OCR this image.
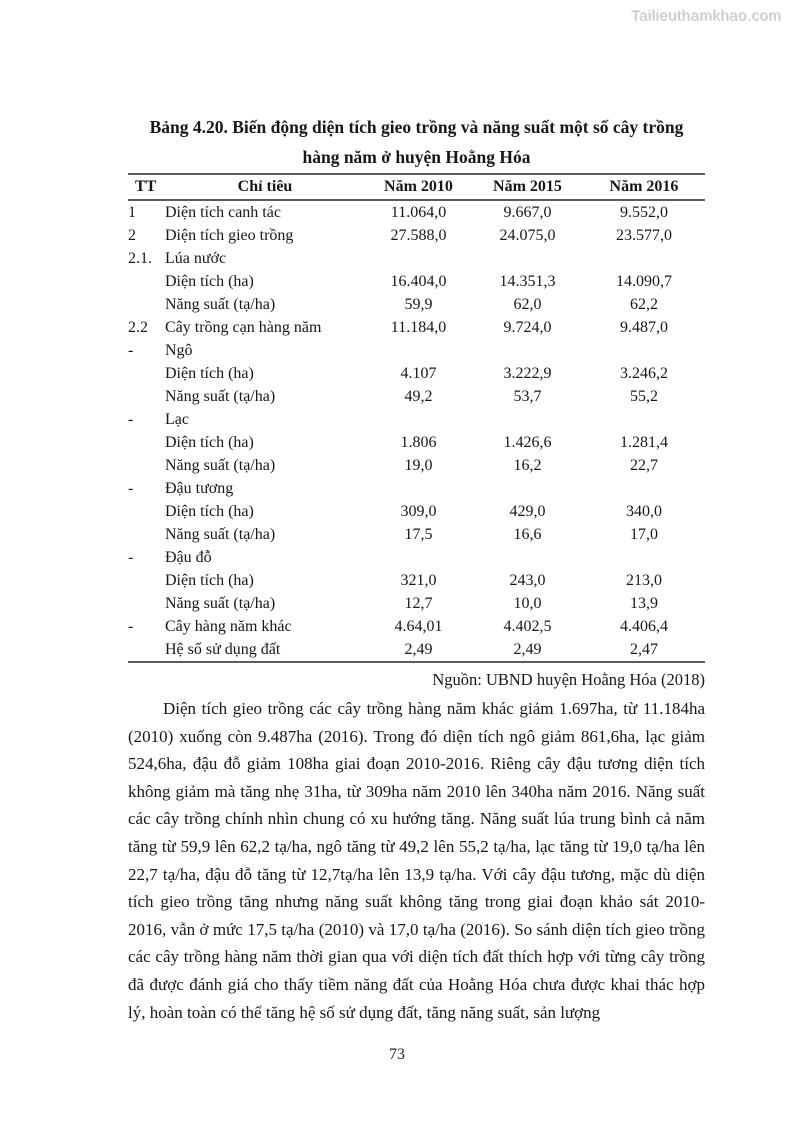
Tailieuthamkhao.com
Bảng 4.20. Biến động diện tích gieo trồng và năng suất một số cây trồng
hàng năm ở huyện Hoằng Hóa
TT	Chỉ tiêu	Năm 2010	Năm 2015	Năm 2016
1	Diện tích canh tác	11.064,0	9.667,0	9.552,0
2	Diện tích gieo trồng	27.588,0	24.075,0	23.577,0
2.1.	Lúa nước			
	Diện tích (ha)	16.404,0	14.351,3	14.090,7
	Năng suất (tạ/ha)	59,9	62,0	62,2
2.2	Cây trồng cạn hàng năm	11.184,0	9.724,0	9.487,0
-	Ngô			
	Diện tích (ha)	4.107	3.222,9	3.246,2
	Năng suất (tạ/ha)	49,2	53,7	55,2
-	Lạc			
	Diện tích (ha)	1.806	1.426,6	1.281,4
	Năng suất (tạ/ha)	19,0	16,2	22,7
-	Đậu tương			
	Diện tích (ha)	309,0	429,0	340,0
	Năng suất (tạ/ha)	17,5	16,6	17,0
-	Đậu đỗ			
	Diện tích (ha)	321,0	243,0	213,0
	Năng suất (tạ/ha)	12,7	10,0	13,9
-	Cây hàng năm khác	4.64,01	4.402,5	4.406,4
	Hệ số sử dụng đất	2,49	2,49	2,47
Nguồn: UBND huyện Hoằng Hóa (2018)

Diện tích gieo trồng các cây trồng hàng năm khác giảm 1.697ha, từ 11.184ha (2010) xuống còn 9.487ha (2016). Trong đó diện tích ngô giảm 861,6ha, lạc giảm 524,6ha, đậu đỗ giảm 108ha giai đoạn 2010-2016. Riêng cây đậu tương diện tích không giảm mà tăng nhẹ 31ha, từ 309ha năm 2010 lên 340ha năm 2016. Năng suất các cây trồng chính nhìn chung có xu hướng tăng. Năng suất lúa trung bình cả năm tăng từ 59,9 lên 62,2 tạ/ha, ngô tăng từ 49,2 lên 55,2 tạ/ha, lạc tăng từ 19,0 tạ/ha lên 22,7 tạ/ha, đậu đỗ tăng từ 12,7tạ/ha lên 13,9 tạ/ha. Với cây đậu tương, mặc dù diện tích gieo trồng tăng nhưng năng suất không tăng trong giai đoạn khảo sát 2010-2016, vẫn ở mức 17,5 tạ/ha (2010) và 17,0 tạ/ha (2016). So sánh diện tích gieo trồng các cây trồng hàng năm thời gian qua với diện tích đất thích hợp với từng cây trồng đã được đánh giá cho thấy tiềm năng đất của Hoằng Hóa chưa được khai thác hợp lý, hoàn toàn có thể tăng hệ số sử dụng đất, tăng năng suất, sản lượng

73
